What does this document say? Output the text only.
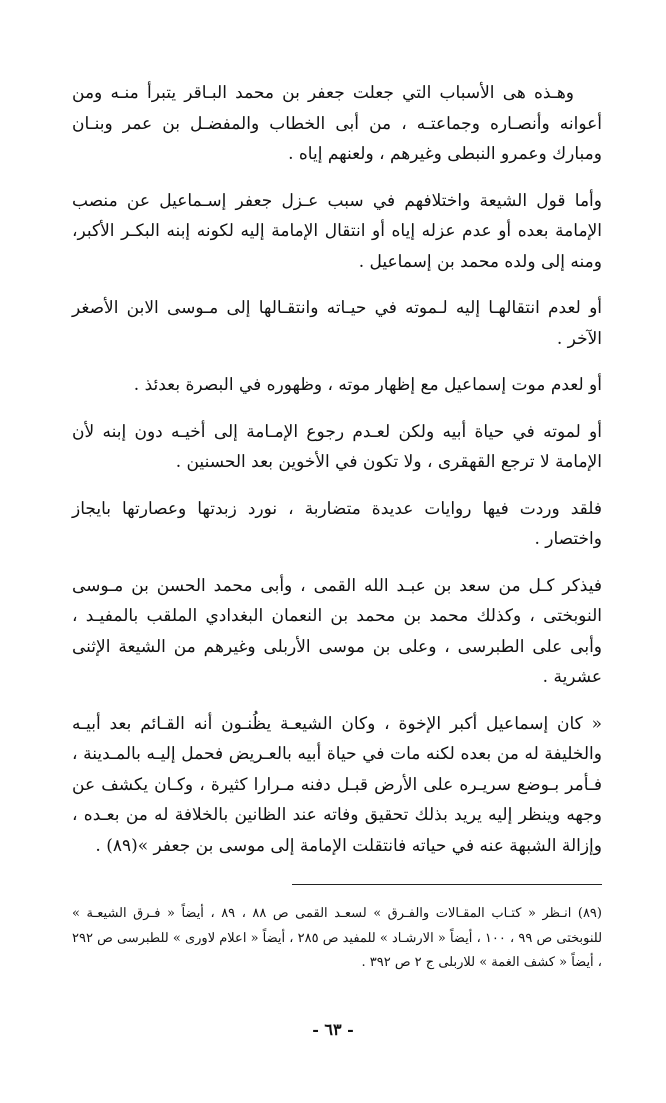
وهـذه هى الأسباب التي جعلت جعفر بن محمد البـاقر يتبرأ منـه ومن أعوانه وأنصـاره وجماعتـه ، من أبى الخطاب والمفضـل بن عمر وبنـان ومبارك وعمرو النبطى وغيرهم ، ولعنهم إياه .

وأما قول الشيعة واختلافهم في سبب عـزل جعفر إسـماعيل عن منصب الإمامة بعده أو عدم عزله إياه أو انتقال الإمامة إليه لكونه إبنه البكـر الأكبر، ومنه إلى ولده محمد بن إسماعيل .

أو لعدم انتقالهـا إليه لـموته في حيـاته وانتقـالها إلى مـوسى الابن الأصغر الآخر .

أو لعدم موت إسماعيل مع إظهار موته ، وظهوره في البصرة بعدئذ .

أو لموته في حياة أبيه ولكن لعـدم رجوع الإمـامة إلى أخيـه دون إبنه لأن الإمامة لا ترجع القهقرى ، ولا تكون في الأخوين بعد الحسنين .

فلقد وردت فيها روايات عديدة متضاربة ، نورد زبدتها وعصارتها بايجاز واختصار .

فيذكر كـل من سعد بن عبـد الله القمى ، وأبى محمد الحسن بن مـوسى النوبختى ، وكذلك محمد بن محمد بن النعمان البغدادي الملقب بالمفيـد ، وأبى على الطبرسى ، وعلى بن موسى الأربلى وغيرهم من الشيعة الإثنى عشرية .

« كان إسماعيل أكبر الإخوة ، وكان الشيعـة يظُنـون أنه القـائم بعد أبيـه والخليفة له من بعده لكنه مات في حياة أبيه بالعـريض فحمل إليـه بالمـدينة ، فـأمر بـوضع سريـره على الأرض قبـل دفنه مـرارا كثيرة ، وكـان يكشف عن وجهه وينظر إليه يريد بذلك تحقيق وفاته عند الظانين بالخلافة له من بعـده ، وإزالة الشبهة عنه في حياته فانتقلت الإمامة إلى موسى بن جعفر »(٨٩) .

(٨٩) انـظر « كتـاب المقـالات والفـرق » لسعـد القمى ص ٨٨ ، ٨٩ ، أيضاً « فـرق الشيعـة » للنوبختى ص ٩٩ ، ١٠٠ ، أيضاً « الارشـاد » للمفيد ص ٢٨٥ ، أيضاً « اعلام لاورى » للطبرسى ص ٢٩٢ ، أيضاً « كشف الغمة » للاربلى ج ٢ ص ٣٩٢ .

- ٦٣ -
